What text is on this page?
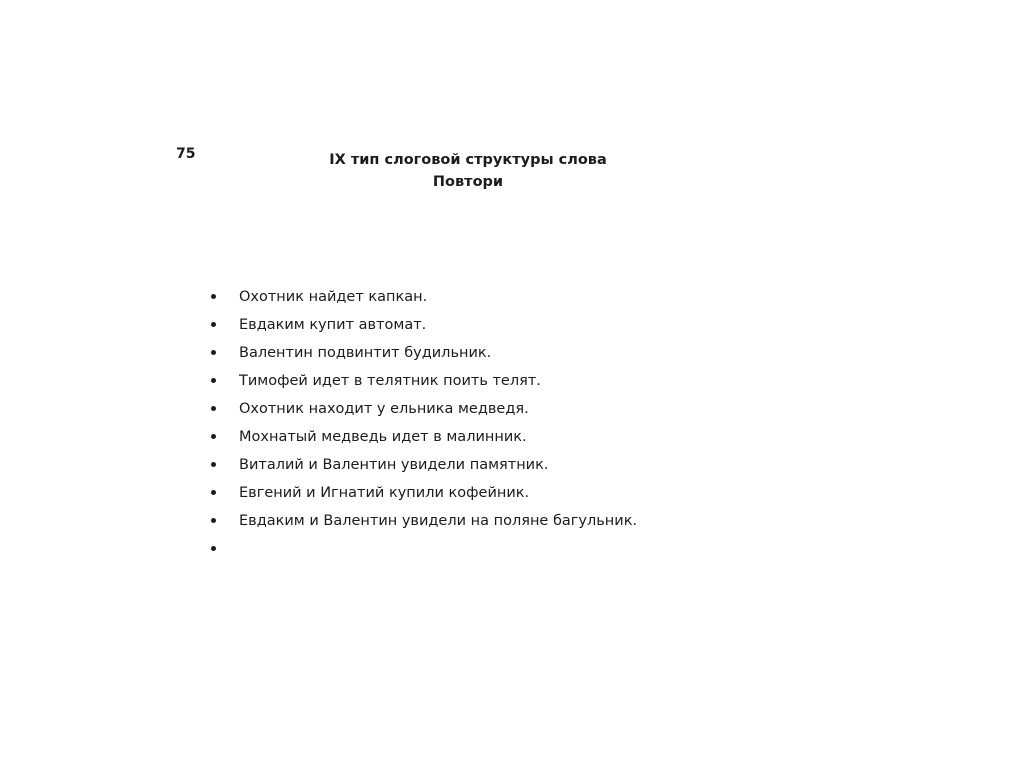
75	IX тип слоговой структуры слова
Повтори
Охотник найдет капкан.
Евдаким купит автомат.
Валентин подвинтит будильник.
Тимофей идет в телятник поить телят.
Охотник находит у ельника медведя.
Мохнатый медведь идет в малинник.
Виталий и Валентин увидели памятник.
Евгений и Игнатий купили кофейник.
Евдаким и Валентин увидели на поляне багульник.
